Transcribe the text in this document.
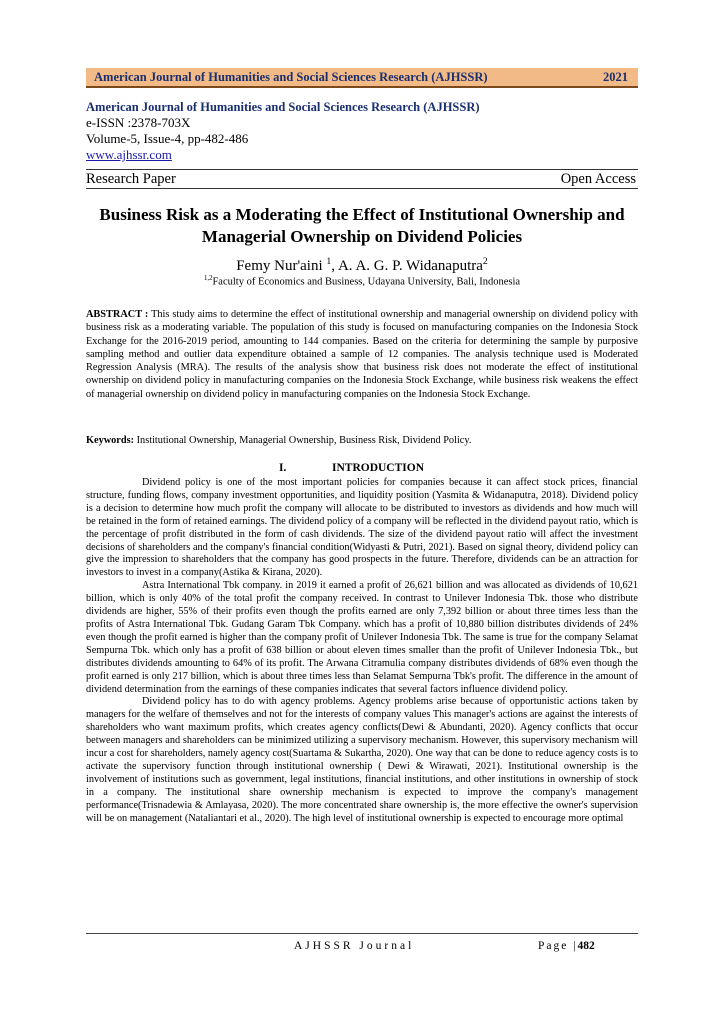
American Journal of Humanities and Social Sciences Research (AJHSSR)	2021
American Journal of Humanities and Social Sciences Research (AJHSSR)
e-ISSN :2378-703X
Volume-5, Issue-4, pp-482-486
www.ajhssr.com
Research Paper	Open Access
Business Risk as a Moderating the Effect of Institutional Ownership and Managerial Ownership on Dividend Policies
Femy Nur'aini $^1$, A. A. G. P. Widanaputra$^2$
$^{1,2}$Faculty of Economics and Business, Udayana University, Bali, Indonesia
ABSTRACT : This study aims to determine the effect of institutional ownership and managerial ownership on dividend policy with business risk as a moderating variable. The population of this study is focused on manufacturing companies on the Indonesia Stock Exchange for the 2016-2019 period, amounting to 144 companies. Based on the criteria for determining the sample by purposive sampling method and outlier data expenditure obtained a sample of 12 companies. The analysis technique used is Moderated Regression Analysis (MRA). The results of the analysis show that business risk does not moderate the effect of institutional ownership on dividend policy in manufacturing companies on the Indonesia Stock Exchange, while business risk weakens the effect of managerial ownership on dividend policy in manufacturing companies on the Indonesia Stock Exchange.
Keywords: Institutional Ownership, Managerial Ownership, Business Risk, Dividend Policy.
I.	INTRODUCTION

Dividend policy is one of the most important policies for companies because it can affect stock prices, financial structure, funding flows, company investment opportunities, and liquidity position (Yasmita & Widanaputra, 2018). Dividend policy is a decision to determine how much profit the company will allocate to be distributed to investors as dividends and how much will be retained in the form of retained earnings. The dividend policy of a company will be reflected in the dividend payout ratio, which is the percentage of profit distributed in the form of cash dividends. The size of the dividend payout ratio will affect the investment decisions of shareholders and the company's financial condition(Widyasti & Putri, 2021). Based on signal theory, dividend policy can give the impression to shareholders that the company has good prospects in the future. Therefore, dividends can be an attraction for investors to invest in a company(Astika & Kirana, 2020).

Astra International Tbk company. in 2019 it earned a profit of 26,621 billion and was allocated as dividends of 10,621 billion, which is only 40% of the total profit the company received. In contrast to Unilever Indonesia Tbk. those who distribute dividends are higher, 55% of their profits even though the profits earned are only 7,392 billion or about three times less than the profits of Astra International Tbk. Gudang Garam Tbk Company. which has a profit of 10,880 billion distributes dividends of 24% even though the profit earned is higher than the company profit of Unilever Indonesia Tbk. The same is true for the company Selamat Sempurna Tbk. which only has a profit of 638 billion or about eleven times smaller than the profit of Unilever Indonesia Tbk., but distributes dividends amounting to 64% of its profit. The Arwana Citramulia company distributes dividends of 68% even though the profit earned is only 217 billion, which is about three times less than Selamat Sempurna Tbk's profit. The difference in the amount of dividend determination from the earnings of these companies indicates that several factors influence dividend policy.

Dividend policy has to do with agency problems. Agency problems arise because of opportunistic actions taken by managers for the welfare of themselves and not for the interests of company values This manager's actions are against the interests of shareholders who want maximum profits, which creates agency conflicts(Dewi & Abundanti, 2020). Agency conflicts that occur between managers and shareholders can be minimized utilizing a supervisory mechanism. However, this supervisory mechanism will incur a cost for shareholders, namely agency cost(Suartama & Sukartha, 2020). One way that can be done to reduce agency costs is to activate the supervisory function through institutional ownership ( Dewi & Wirawati, 2021). Institutional ownership is the involvement of institutions such as government, legal institutions, financial institutions, and other institutions in ownership of stock in a company. The institutional share ownership mechanism is expected to improve the company's management performance(Trisnadewia & Amlayasa, 2020). The more concentrated share ownership is, the more effective the owner's supervision will be on management (Nataliantari et al., 2020). The high level of institutional ownership is expected to encourage more optimal

AJHSSR Journal	Page |482
